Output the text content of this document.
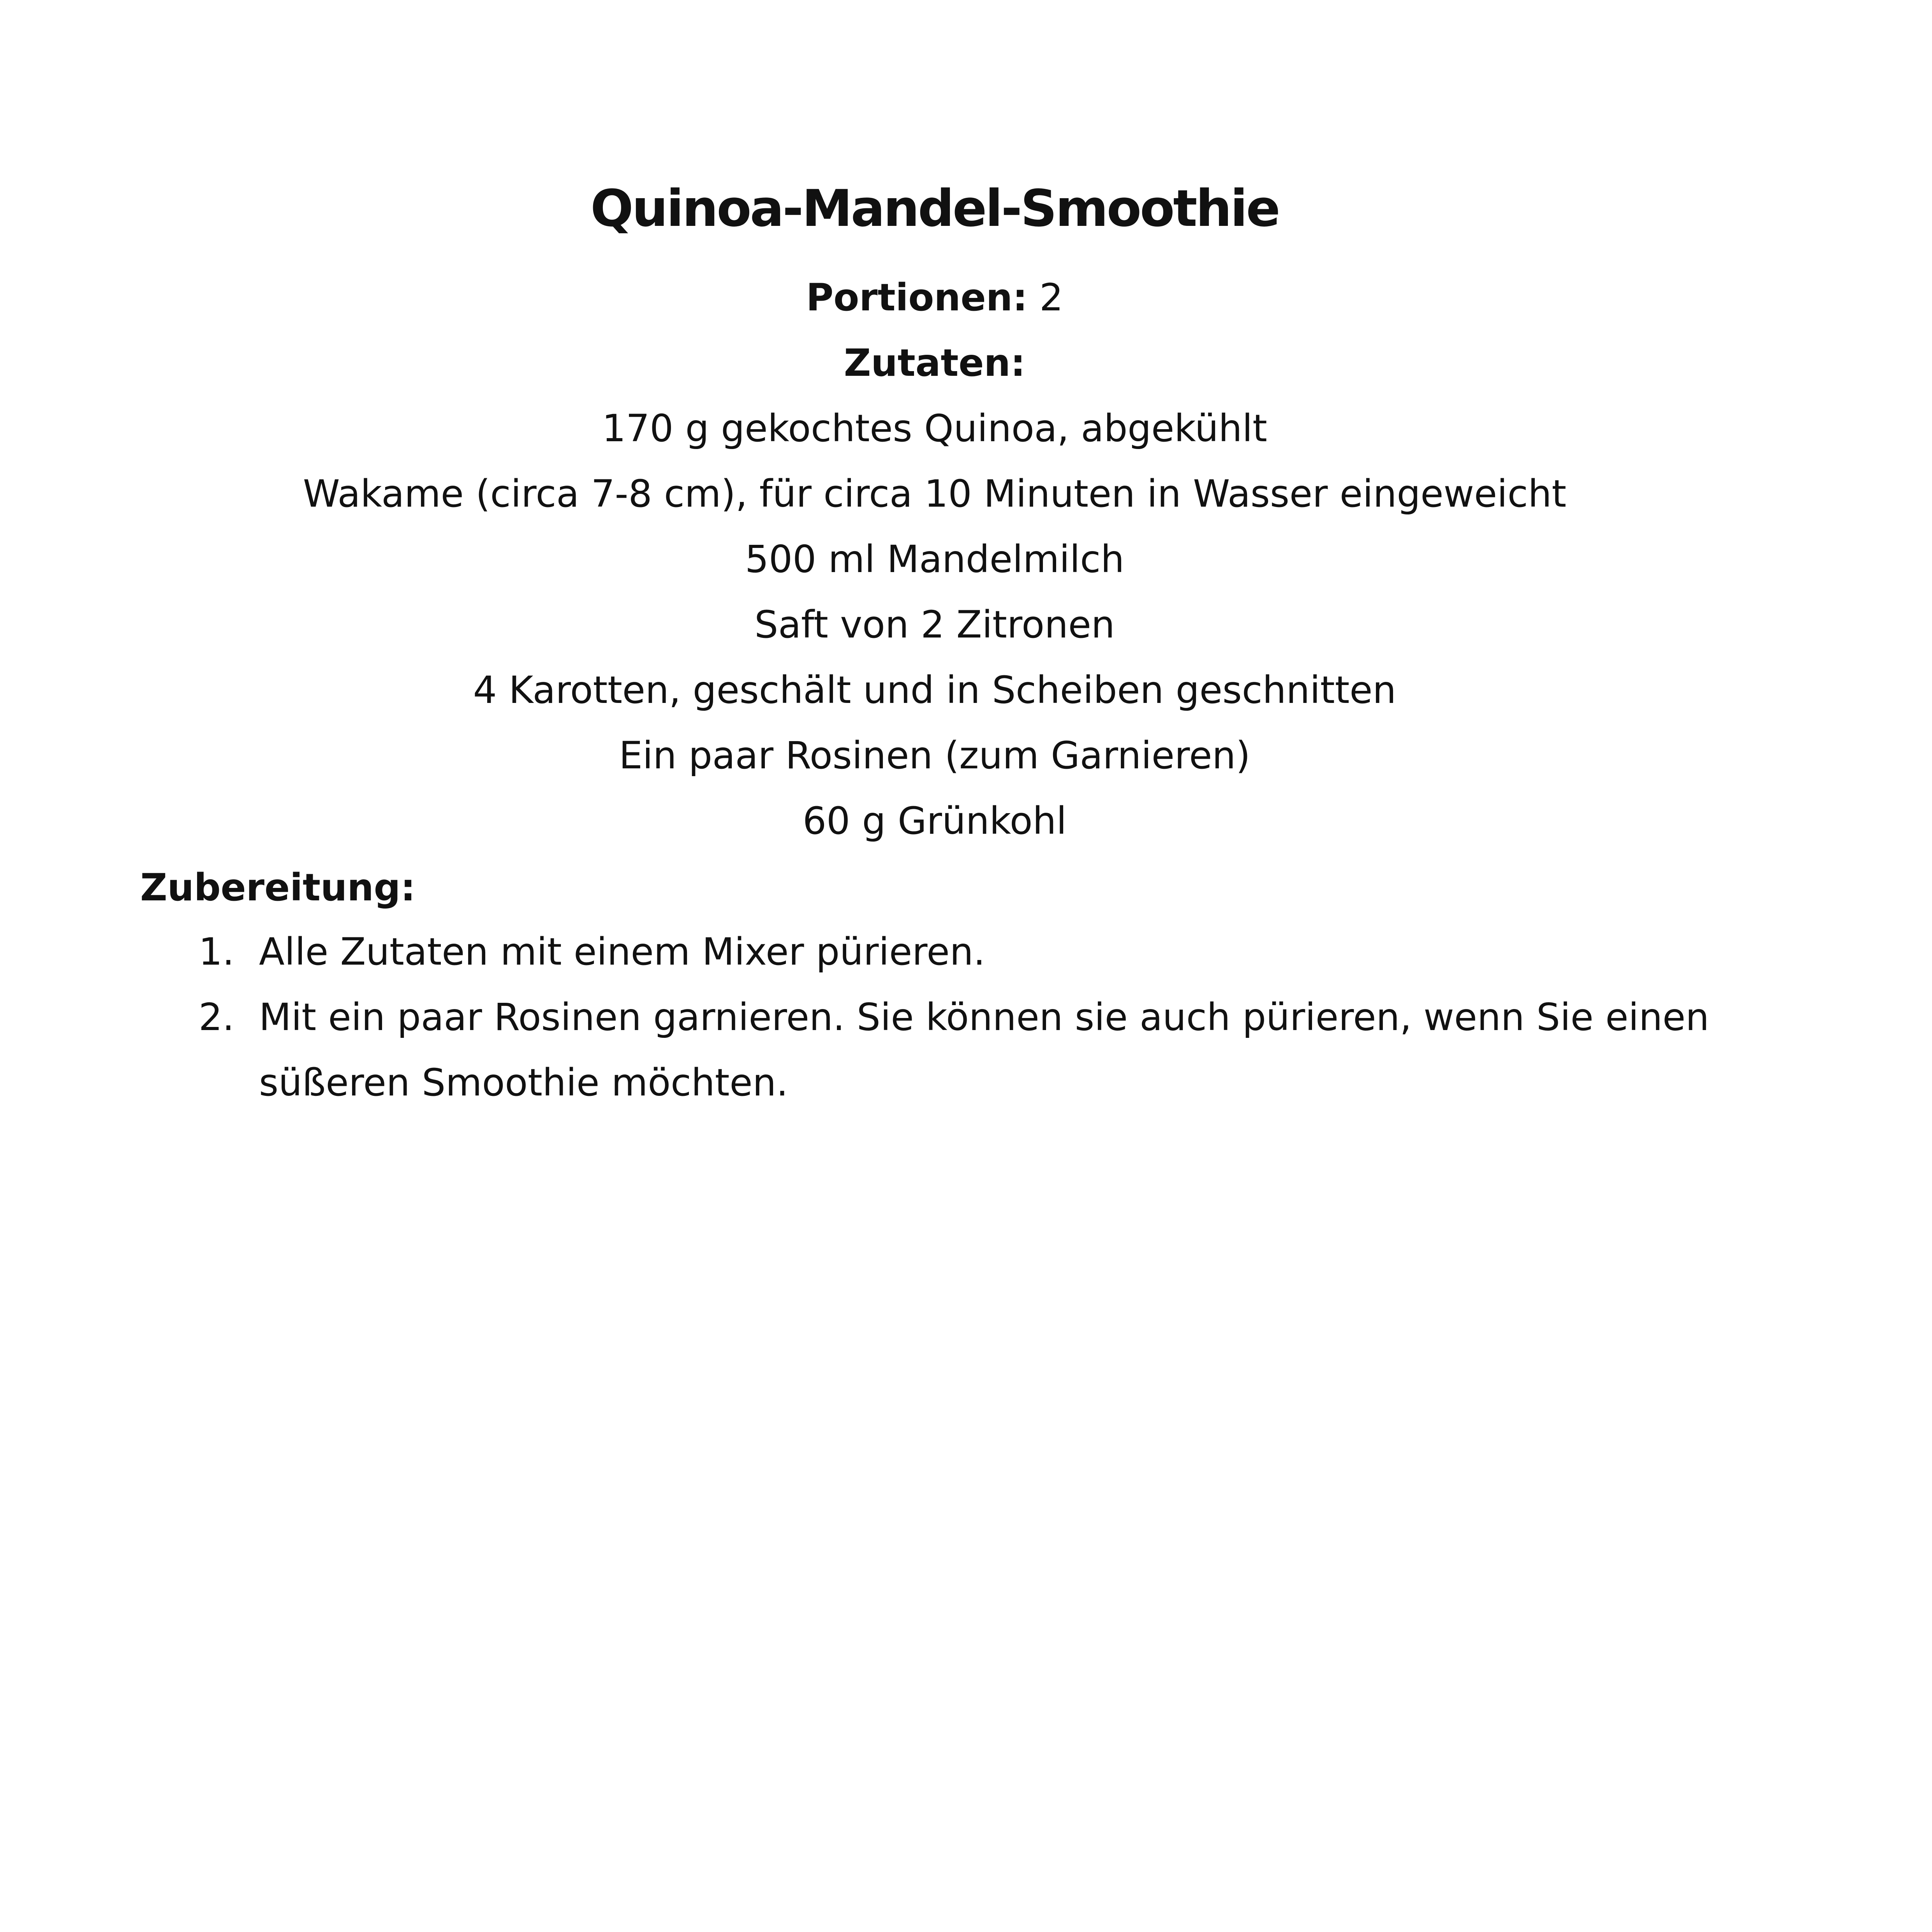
Quinoa-Mandel-Smoothie
Portionen: 2
Zutaten:
170 g gekochtes Quinoa, abgekühlt
Wakame (circa 7-8 cm), für circa 10 Minuten in Wasser eingeweicht
500 ml Mandelmilch
Saft von 2 Zitronen
4 Karotten, geschält und in Scheiben geschnitten
Ein paar Rosinen (zum Garnieren)
60 g Grünkohl
Zubereitung:
1. Alle Zutaten mit einem Mixer pürieren.
2. Mit ein paar Rosinen garnieren. Sie können sie auch pürieren, wenn Sie einen süßeren Smoothie möchten.
